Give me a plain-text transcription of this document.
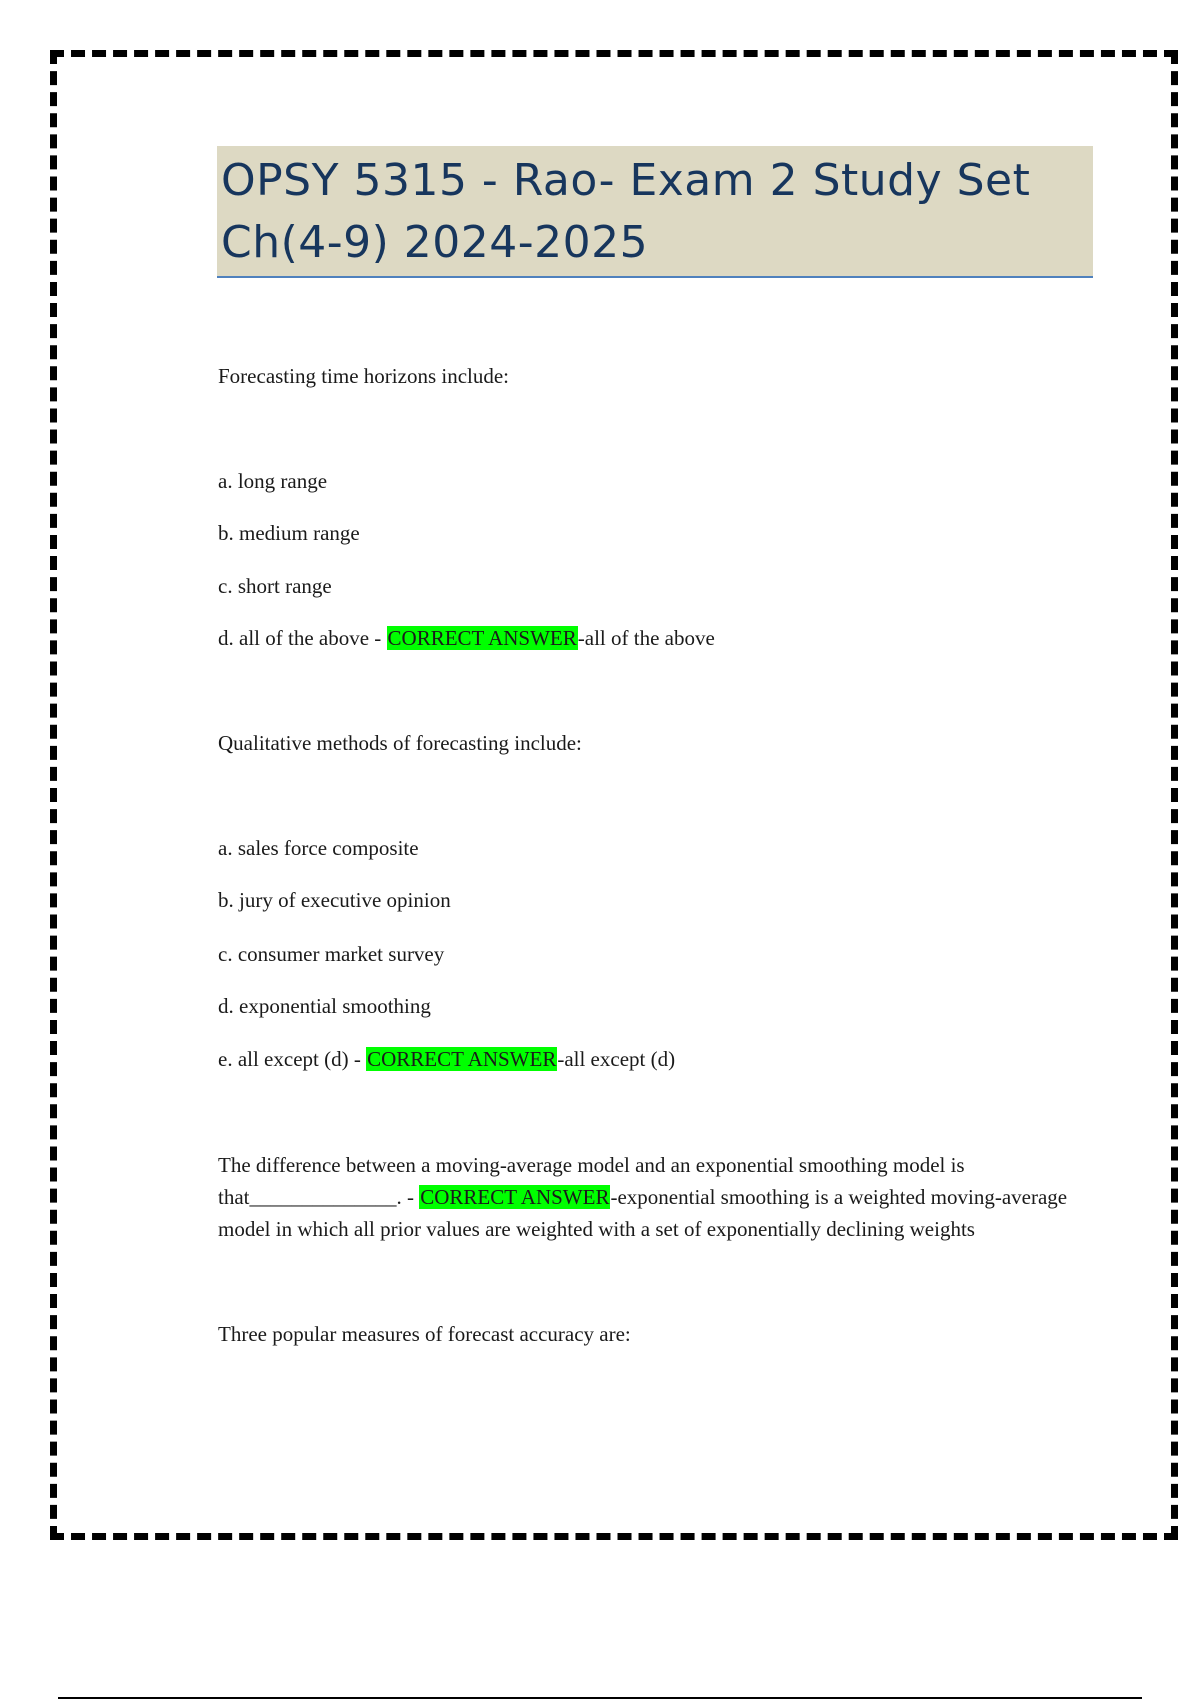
OPSY 5315 - Rao- Exam 2 Study Set
Ch(4-9) 2024-2025
Forecasting time horizons include:
a. long range
b. medium range
c. short range
d. all of the above - CORRECT ANSWER-all of the above
Qualitative methods of forecasting include:
a. sales force composite
b. jury of executive opinion
c. consumer market survey
d. exponential smoothing
e. all except (d) - CORRECT ANSWER-all except (d)
The difference between a moving-average model and an exponential smoothing model is
that______________. - CORRECT ANSWER-exponential smoothing is a weighted moving-average
model in which all prior values are weighted with a set of exponentially declining weights
Three popular measures of forecast accuracy are:
